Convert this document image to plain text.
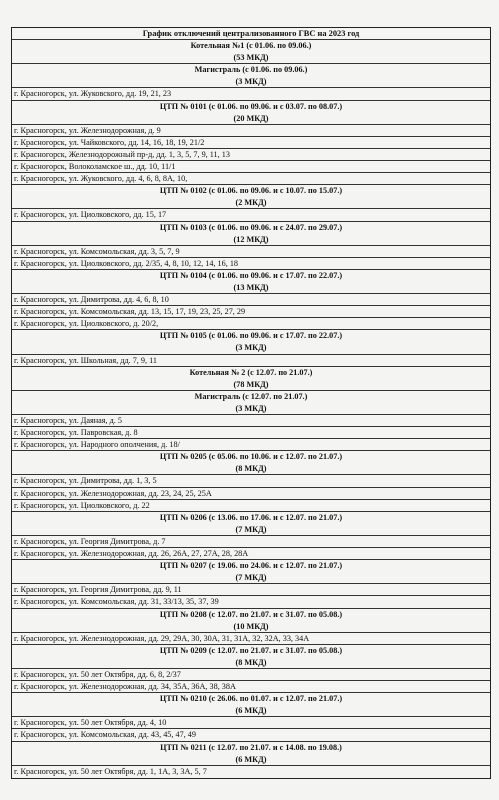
График отключений централизованного ГВС на 2023 год
Котельная №1 (с 01.06. по 09.06.)
(53 МКД)
Магистраль (с 01.06. по 09.06.)
(3 МКД)
г. Красногорск, ул. Жуковского, дд. 19, 21, 23
ЦТП № 0101 (с 01.06. по 09.06. и с 03.07. по 08.07.)
(20 МКД)
г. Красногорск, ул. Железнодорожная, д. 9
г. Красногорск, ул. Чайковского, дд. 14, 16, 18, 19, 21/2
г. Красногорск, Железнодорожный пр-д, дд. 1, 3, 5, 7, 9, 11, 13
г. Красногорск, Волоколамское ш., дд. 10, 11/1
г. Красногорск, ул. Жуковского, дд. 4, 6, 8, 8А, 10,
ЦТП № 0102 (с 01.06. по 09.06. и с 10.07. по 15.07.)
(2 МКД)
г. Красногорск, ул. Циолковского, дд. 15, 17
ЦТП № 0103 (с 01.06. по 09.06. и с 24.07. по 29.07.)
(12 МКД)
г. Красногорск, ул. Комсомольская, дд. 3, 5, 7, 9
г. Красногорск, ул. Циолковского, дд. 2/35, 4, 8, 10, 12, 14, 16, 18
ЦТП № 0104 (с 01.06. по 09.06. и с 17.07. по 22.07.)
(13 МКД)
г. Красногорск, ул. Димитрова, дд. 4, 6, 8, 10
г. Красногорск, ул. Комсомольская, дд. 13, 15, 17, 19, 23, 25, 27, 29
г. Красногорск, ул. Циолковского, д. 20/2,
ЦТП № 0105 (с 01.06. по 09.06. и с 17.07. по 22.07.)
(3 МКД)
г. Красногорск, ул. Школьная, дд. 7, 9, 11
Котельная № 2 (с 12.07. по 21.07.)
(78 МКД)
Магистраль (с 12.07. по 21.07.)
(3 МКД)
г. Красногорск, ул. Даяная, д. 5
г. Красногорск, ул. Павровская, д. 8
г. Красногорск, ул. Народного ополчения, д. 18/
ЦТП № 0205 (с 05.06. по 10.06. и с 12.07. по 21.07.)
(8 МКД)
г. Красногорск, ул. Димитрова, дд. 1, 3, 5
г. Красногорск, ул. Железнодорожная, дд. 23, 24, 25, 25А
г. Красногорск, ул. Циолковского, д. 22
ЦТП № 0206 (с 13.06. по 17.06. и с 12.07. по 21.07.)
(7 МКД)
г. Красногорск, ул. Георгия Димитрова, д. 7
г. Красногорск, ул. Железнодорожная, дд. 26, 26А, 27, 27А, 28, 28А
ЦТП № 0207 (с 19.06. по 24.06. и с 12.07. по 21.07.)
(7 МКД)
г. Красногорск, ул. Георгия Димитрова, дд. 9, 11
г. Красногорск, ул. Комсомольская, дд. 31, 33/13, 35, 37, 39
ЦТП № 0208 (с 12.07. по 21.07. и с 31.07. по 05.08.)
(10 МКД)
г. Красногорск, ул. Железнодорожная, дд. 29, 29А, 30, 30А, 31, 31А, 32, 32А, 33, 34А
ЦТП № 0209 (с 12.07. по 21.07. и с 31.07. по 05.08.)
(8 МКД)
г. Красногорск, ул. 50 лет Октября, дд. 6, 8, 2/37
г. Красногорск, ул. Железнодорожная, дд. 34, 35А, 36А, 38, 38А
ЦТП № 0210 (с 26.06. по 01.07. и с 12.07. по 21.07.)
(6 МКД)
г. Красногорск, ул. 50 лет Октября, дд. 4, 10
г. Красногорск, ул. Комсомольская, дд. 43, 45, 47, 49
ЦТП № 0211 (с 12.07. по 21.07. и с 14.08. по 19.08.)
(6 МКД)
г. Красногорск, ул. 50 лет Октября, дд. 1, 1А, 3, 3А, 5, 7
